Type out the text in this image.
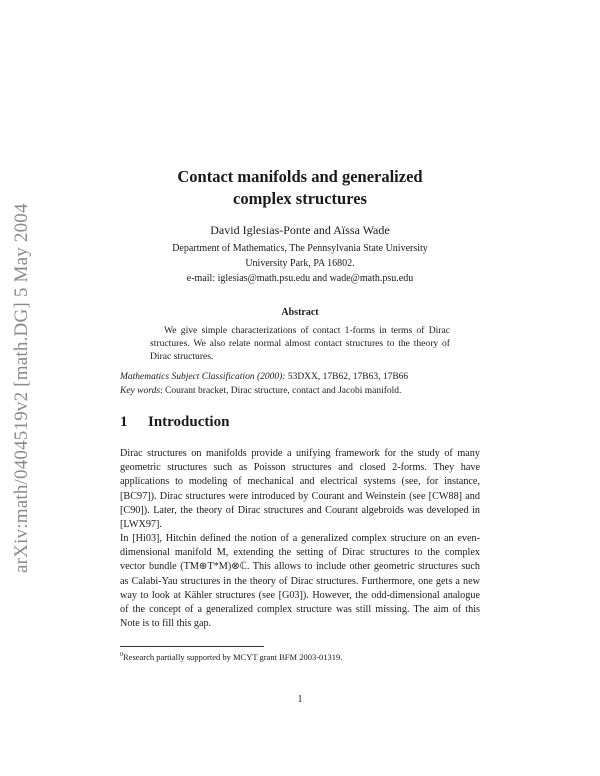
arXiv:math/0404519v2 [math.DG] 5 May 2004
Contact manifolds and generalized
complex structures
David Iglesias-Ponte and Aïssa Wade
Department of Mathematics, The Pennsylvania State University
University Park, PA 16802.
e-mail: iglesias@math.psu.edu and wade@math.psu.edu
Abstract
We give simple characterizations of contact 1-forms in terms of Dirac structures. We also relate normal almost contact structures to the theory of Dirac structures.
Mathematics Subject Classification (2000): 53DXX, 17B62, 17B63, 17B66
Key words: Courant bracket, Dirac structure, contact and Jacobi manifold.
1 Introduction
Dirac structures on manifolds provide a unifying framework for the study of many geometric structures such as Poisson structures and closed 2-forms. They have applications to modeling of mechanical and electrical systems (see, for instance, [BC97]). Dirac structures were introduced by Courant and Weinstein (see [CW88] and [C90]). Later, the theory of Dirac structures and Courant algebroids was developed in [LWX97].
In [Hi03], Hitchin defined the notion of a generalized complex structure on an even-dimensional manifold M, extending the setting of Dirac structures to the complex vector bundle (TM⊕T*M)⊗ℂ. This allows to include other geometric structures such as Calabi-Yau structures in the theory of Dirac structures. Furthermore, one gets a new way to look at Kähler structures (see [G03]). However, the odd-dimensional analogue of the concept of a generalized complex structure was still missing. The aim of this Note is to fill this gap.
$^0$Research partially supported by MCYT grant BFM 2003-01319.
1
